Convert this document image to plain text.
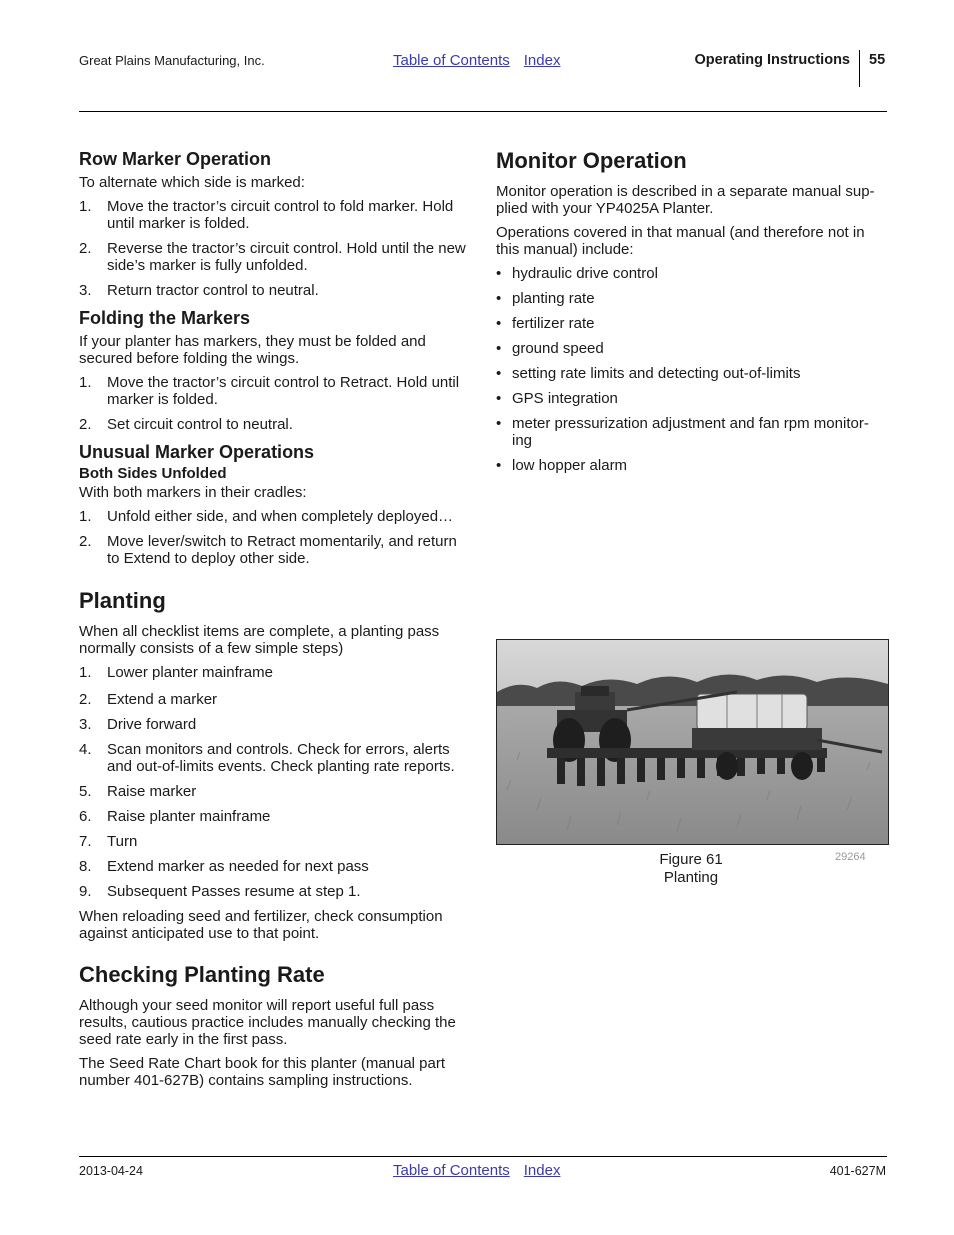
Great Plains Manufacturing, Inc.	Table of Contents Index	Operating Instructions 55
Row Marker Operation

To alternate which side is marked:

1. Move the tractor’s circuit control to fold marker. Hold until marker is folded.
2. Reverse the tractor’s circuit control. Hold until the new side’s marker is fully unfolded.
3. Return tractor control to neutral.
Folding the Markers

If your planter has markers, they must be folded and secured before folding the wings.

1. Move the tractor’s circuit control to Retract. Hold until marker is folded.
2. Set circuit control to neutral.
Unusual Marker Operations
Both Sides Unfolded

With both markers in their cradles:

1. Unfold either side, and when completely deployed…
2. Move lever/switch to Retract momentarily, and return to Extend to deploy other side.
Planting

When all checklist items are complete, a planting pass normally consists of a few simple steps)

1. Lower planter mainframe
2. Extend a marker
3. Drive forward
4. Scan monitors and controls. Check for errors, alerts and out-of-limits events. Check planting rate reports.
5. Raise marker
6. Raise planter mainframe
7. Turn
8. Extend marker as needed for next pass
9. Subsequent Passes resume at step 1.

When reloading seed and fertilizer, check consumption against anticipated use to that point.

Checking Planting Rate

Although your seed monitor will report useful full pass results, cautious practice includes manually checking the seed rate early in the first pass.

The Seed Rate Chart book for this planter (manual part number 401-627B) contains sampling instructions.

Monitor Operation

Monitor operation is described in a separate manual sup-plied with your YP4025A Planter.

Operations covered in that manual (and therefore not in this manual) include:

• hydraulic drive control
• planting rate
• fertilizer rate
• ground speed
• setting rate limits and detecting out-of-limits
• GPS integration
• meter pressurization adjustment and fan rpm monitor-ing
• low hopper alarm
Figure 61
Planting
29264
2013-04-24	Table of Contents Index	401-627M
